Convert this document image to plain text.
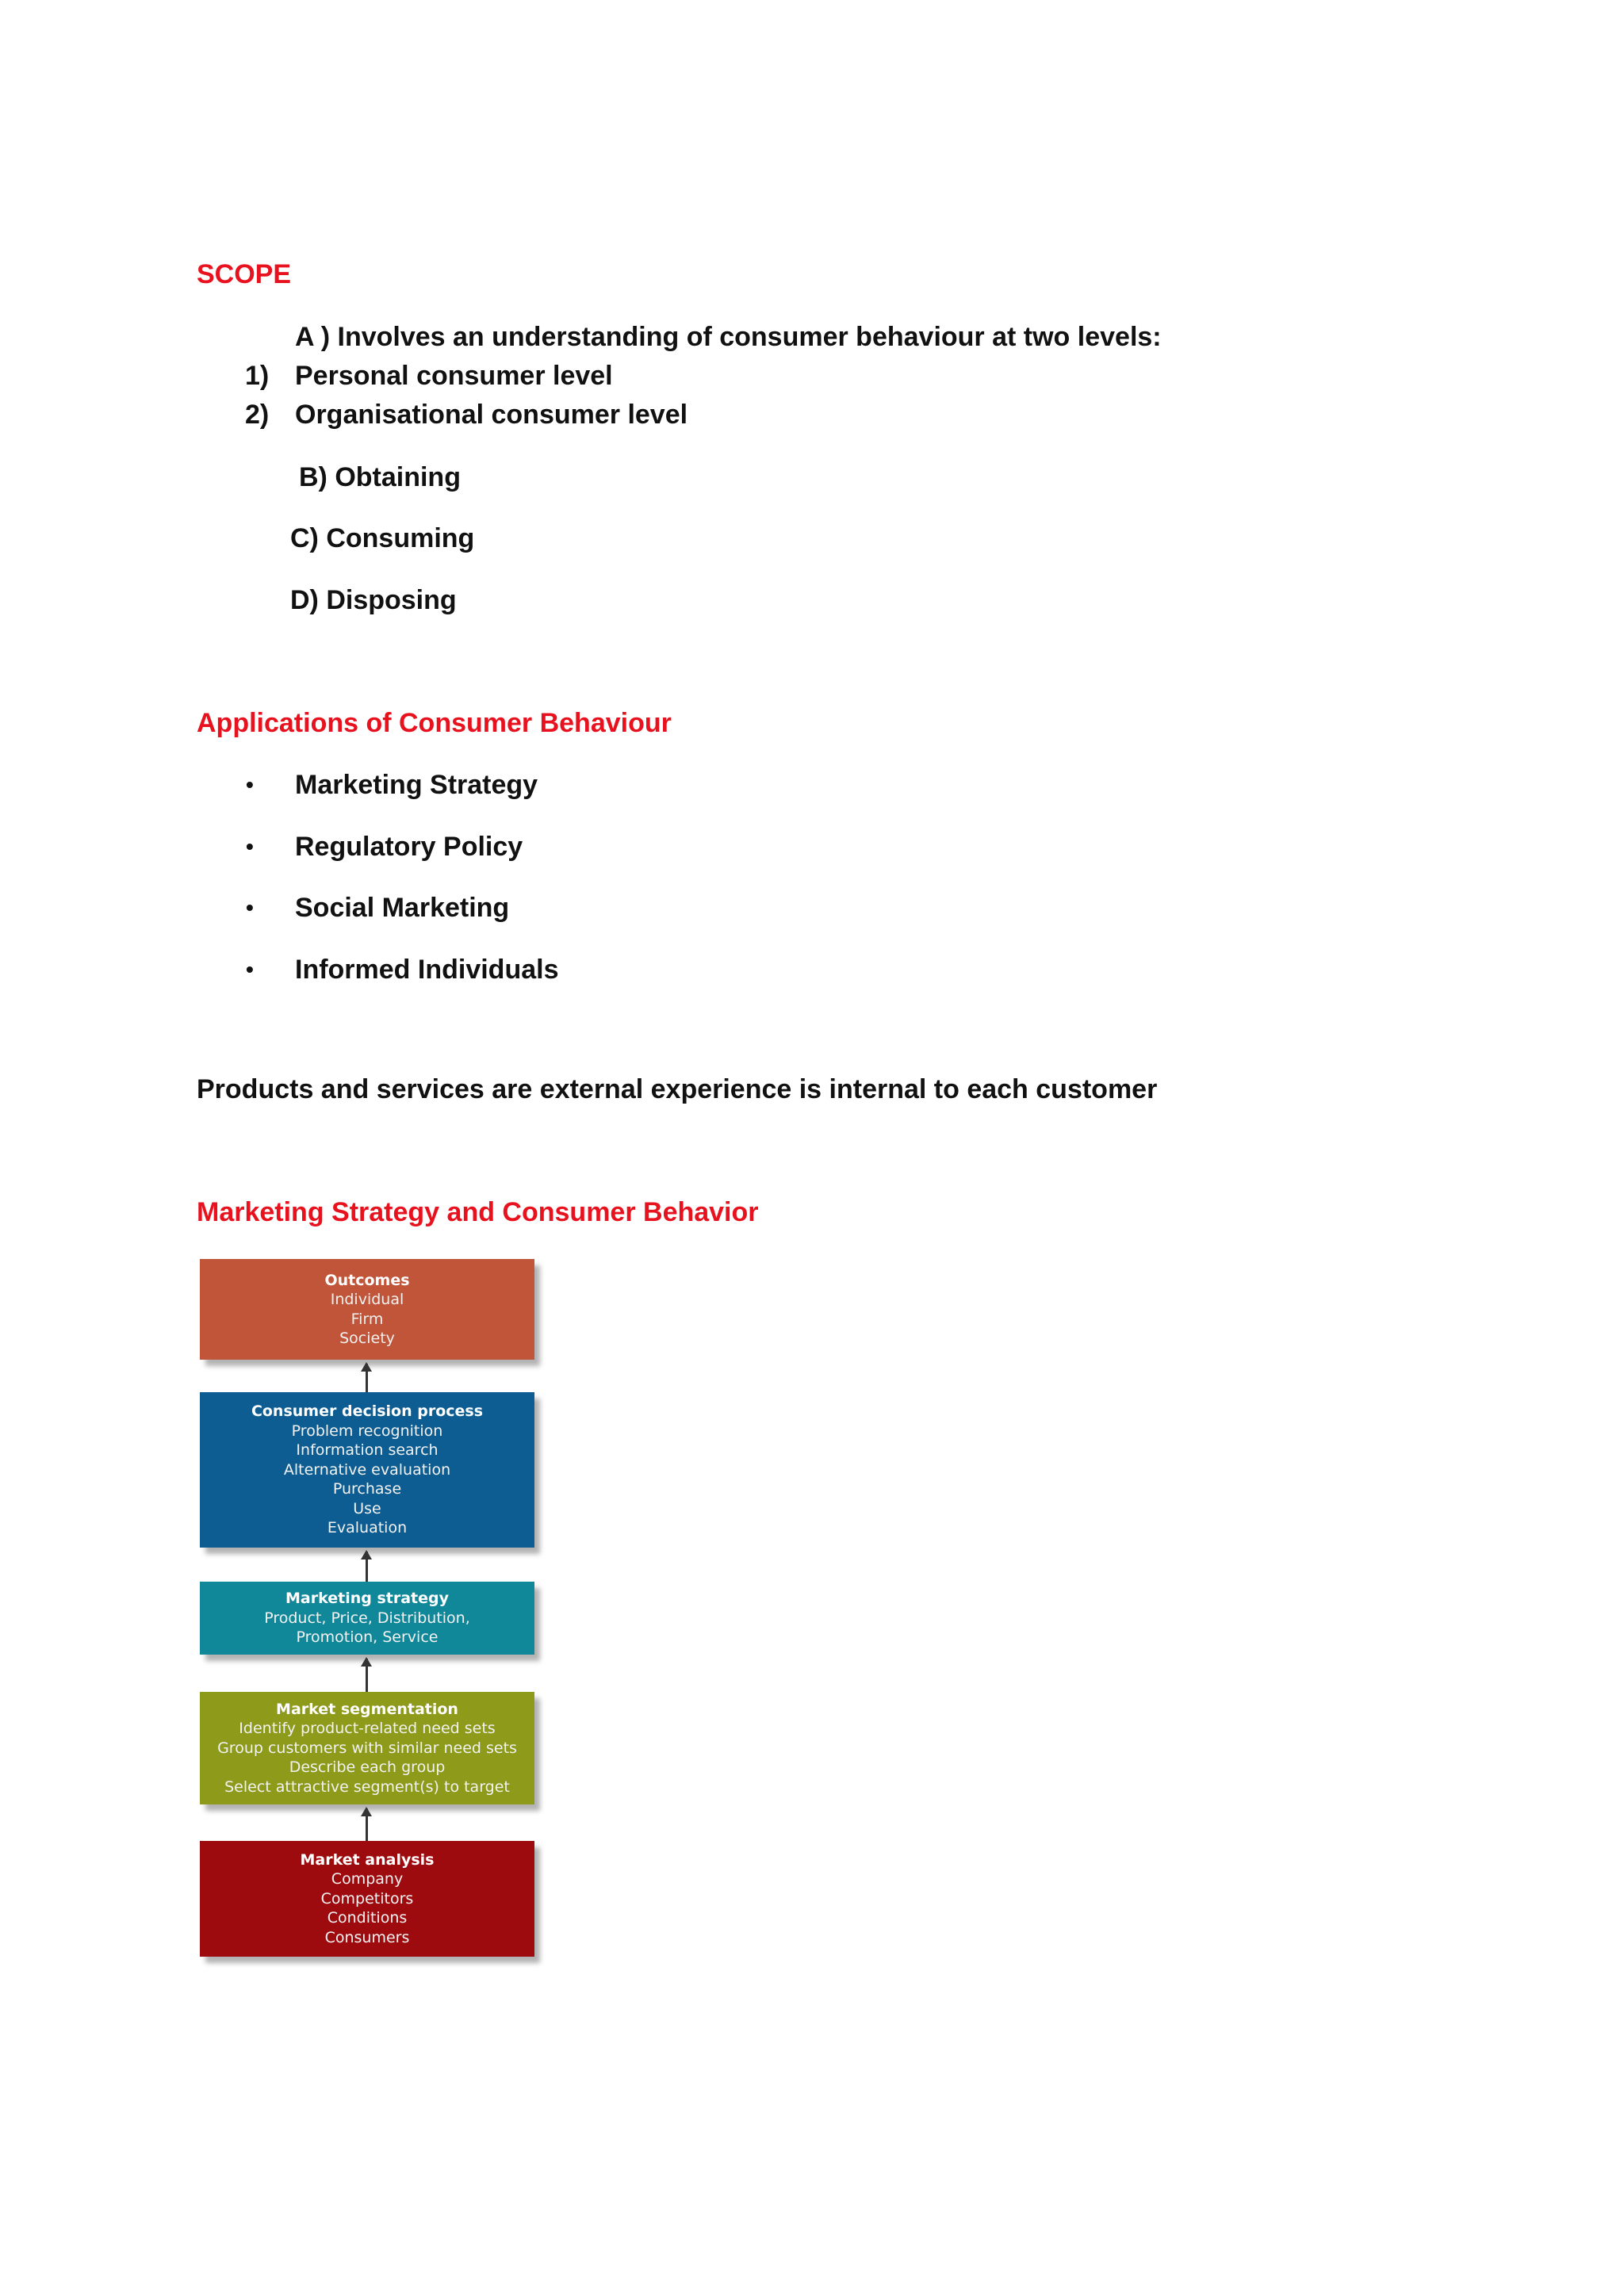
SCOPE
A ) Involves an understanding of consumer behaviour at two levels:
1) Personal consumer level
2) Organisational consumer level
B) Obtaining
C) Consuming
D) Disposing
Applications of Consumer Behaviour
• Marketing Strategy
• Regulatory Policy
• Social Marketing
• Informed Individuals
Products and services are external experience is internal to each customer
Marketing Strategy and Consumer Behavior
Outcomes
Individual
Firm
Society
Consumer decision process
Problem recognition
Information search
Alternative evaluation
Purchase
Use
Evaluation
Marketing strategy
Product, Price, Distribution,
Promotion, Service
Market segmentation
Identify product-related need sets
Group customers with similar need sets
Describe each group
Select attractive segment(s) to target
Market analysis
Company
Competitors
Conditions
Consumers
